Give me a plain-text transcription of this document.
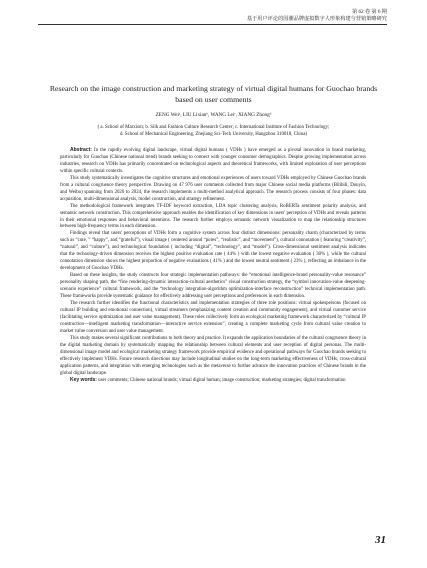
第 62 卷 第 6 期
基于用户评论的国潮品牌虚拟数字人形象构建与营销策略研究
Research on the image construction and marketing strategy of virtual digital humans for Guochao brands based on user comments
ZENG Weiᵃ, LIU Lixianᵇ, WANG Leiᶜ, XIANG Zhongᵈ
( a. School of Marxism; b. Silk and Fashion Culture Research Center; c. International Institute of Fashion Technology;
d. School of Mechanical Engineering, Zhejiang Sci-Tech University, Hangzhou 310018, China)

Abstract: In the rapidly evolving digital landscape, virtual digital humans ( VDHs ) have emerged as a pivotal innovation in brand marketing, particularly for Guochao (Chinese national trend) brands seeking to connect with younger consumer demographics. Despite growing implementation across industries, research on VDHs has primarily concentrated on technological aspects and theoretical frameworks, with limited exploration of user perceptions within specific cultural contexts.

This study systematically investigates the cognitive structures and emotional experiences of users toward VDHs employed by Chinese Guochao brands from a cultural congruence theory perspective. Drawing on 47 976 user comments collected from major Chinese social media platforms (Bilibili, Douyin, and Weibo) spanning from 2020 to 2024, the research implements a multi-method analytical approach. The research process consists of four phases: data acquisition, multi-dimensional analysis, model construction, and strategy refinement.

The methodological framework integrates TF-IDF keyword extraction, LDA topic clustering analysis, RoBERTa sentiment polarity analysis, and semantic network construction. This comprehensive approach enables the identification of key dimensions in users' perception of VDHs and reveals patterns in their emotional responses and behavioral intentions. The research further employs semantic network visualization to map the relationship structures between high-frequency terms in each dimension.

Findings reveal that users' perceptions of VDHs form a cognitive system across four distinct dimensions: personality charm (characterized by terms such as “cute, ” “happy”, and “grateful”), visual image ( centered around “pores”, “realistic”, and “movement”), cultural connotation ( featuring “creativity”, “natural”, and “culture”), and technological foundation ( including “digital”, “technology”, and “model”). Cross-dimensional sentiment analysis indicates that the technology-driven dimension receives the highest positive evaluation rate ( 44% ) with the lowest negative evaluation ( 30% ), while the cultural connotation dimension shows the highest proportion of negative evaluations ( 41% ) and the lowest neutral sentiment ( 23% ), reflecting an imbalance in the development of Guochao VDHs.

Based on these insights, the study constructs four strategic implementation pathways: the “emotional intelligence-brand personality-value resonance” personality shaping path, the “fine rendering-dynamic interaction-cultural aesthetics” visual construction strategy, the “symbol innovation-value deepening-scenario experience” cultural framework, and the “technology integration-algorithm optimization-interface reconstruction” technical implementation path. These frameworks provide systematic guidance for effectively addressing user perceptions and preferences in each dimension.

The research further identifies the functional characteristics and implementation strategies of three role positions: virtual spokespersons (focused on cultural IP building and emotional connection), virtual streamers (emphasizing content creation and community engagement), and virtual customer service (facilitating service optimization and user value management). These roles collectively form an ecological marketing framework characterized by “cultural IP construction—intelligent marketing transformation—interactive service extension”, creating a complete marketing cycle from cultural value creation to market value conversion and user value management.

This study makes several significant contributions to both theory and practice. It expands the application boundaries of the cultural congruence theory in the digital marketing domain by systematically mapping the relationship between cultural elements and user reception of digital personas. The multi-dimensional image model and ecological marketing strategy framework provide empirical evidence and operational pathways for Guochao brands seeking to effectively implement VDHs. Future research directions may include longitudinal studies on the long-term marketing effectiveness of VDHs, cross-cultural application patterns, and integration with emerging technologies such as the metaverse to further advance the innovation practices of Chinese brands in the global digital landscape.

Key words: user comments; Chinese national brands; virtual digital human; image construction; marketing strategies; digital transformation

31
